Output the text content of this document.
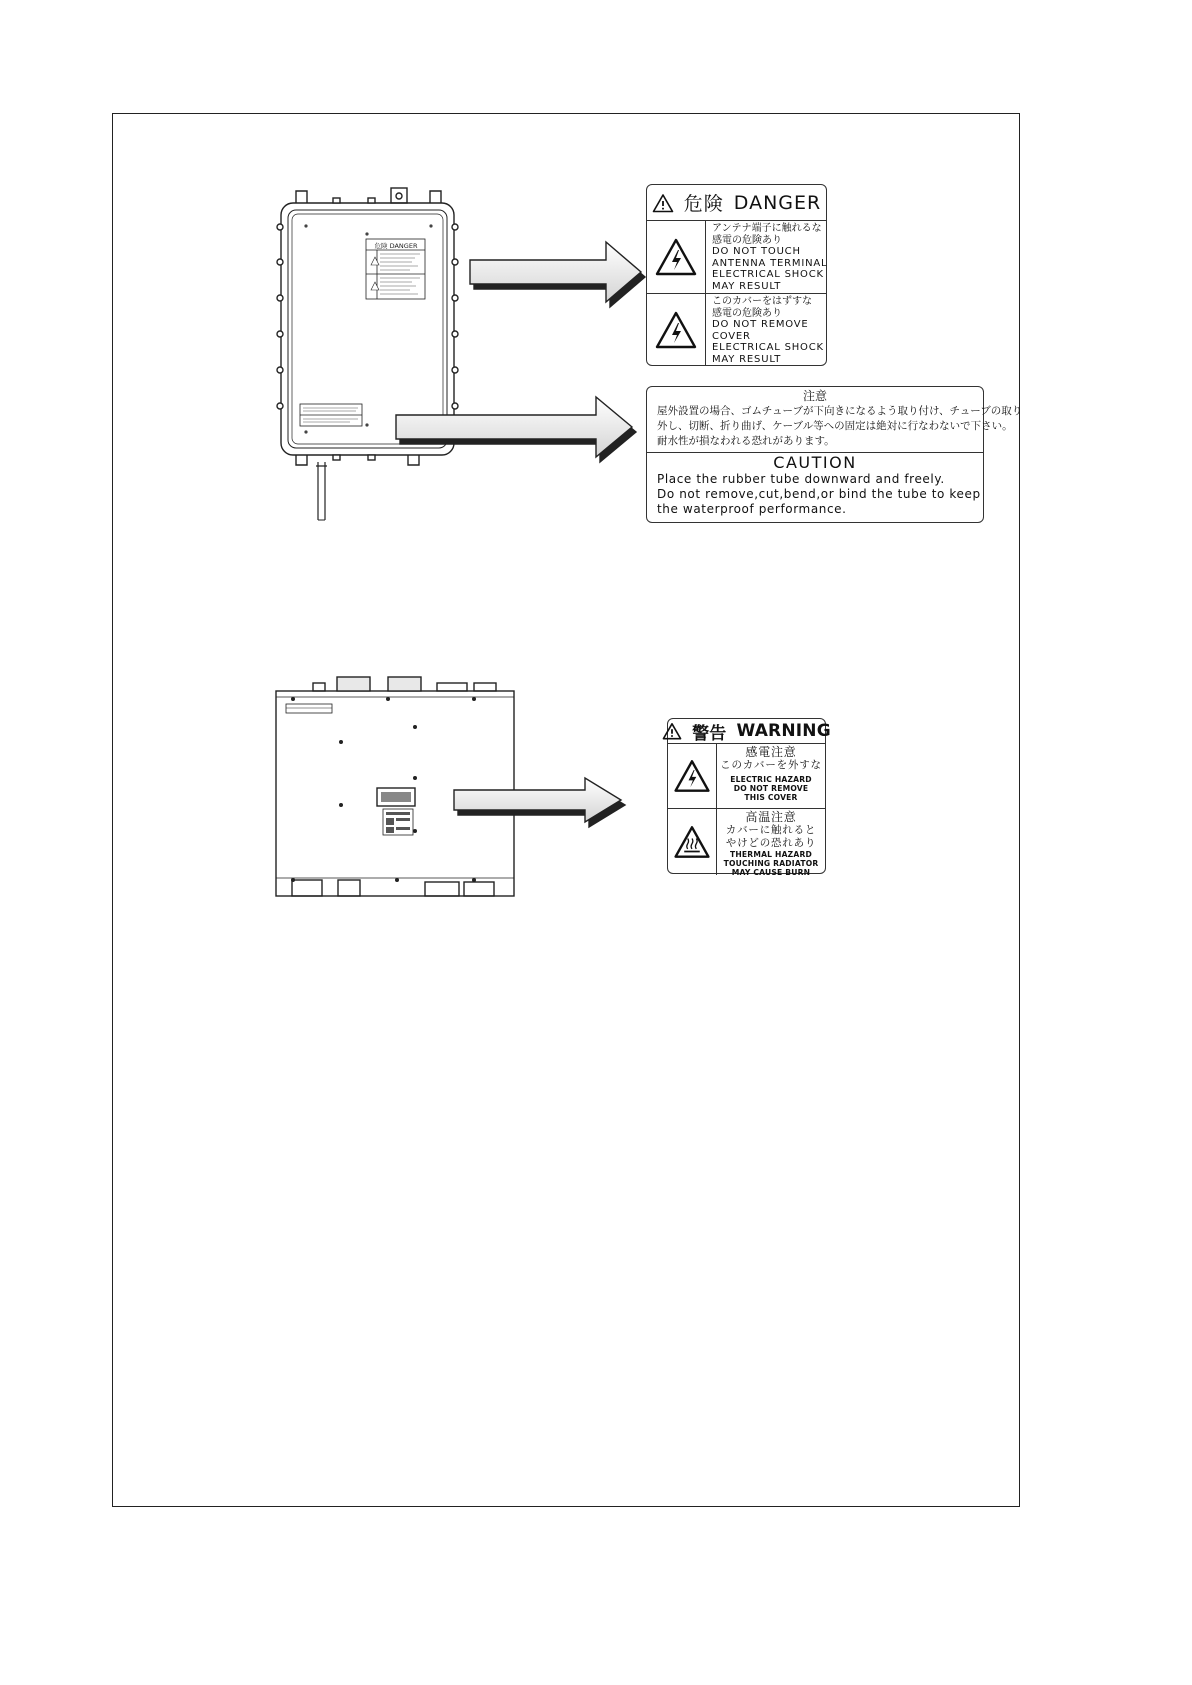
危険 DANGER
危険 DANGER
アンテナ端子に触れるな
感電の危険あり
DO NOT TOUCH
ANTENNA TERMINAL
ELECTRICAL SHOCK
MAY RESULT
このカバーをはずすな
感電の危険あり
DO NOT REMOVE
COVER
ELECTRICAL SHOCK
MAY RESULT
注意
屋外設置の場合、ゴムチューブが下向きになるよう取り付け、チューブの取り
外し、切断、折り曲げ、ケーブル等への固定は絶対に行なわないで下さい。
耐水性が損なわれる恐れがあります。
CAUTION
Place the rubber tube downward and freely.
Do not remove,cut,bend,or bind the tube to keep
the waterproof performance.
警告 WARNING
感電注意
このカバーを外すな
ELECTRIC HAZARD
DO NOT REMOVE
THIS COVER
高温注意
カバーに触れると
やけどの恐れあり
THERMAL HAZARD
TOUCHING RADIATOR
MAY CAUSE BURN
